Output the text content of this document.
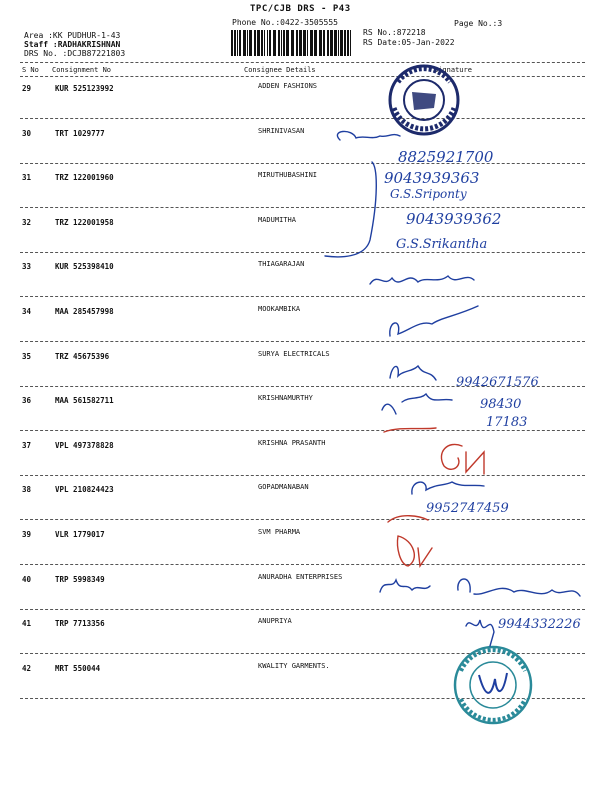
TPC/CJB DRS - P43
Phone No.:0422-3505555	Page No.:3
Area :KK PUDHUR-1-43
Staff :RADHAKRISHNAN
DRS No. :DCJB87221803
RS No.:872218
RS Date:05-Jan-2022
S No Consignment No	Consignee Details	Signature
29	KUR 525123992	ADDEN FASHIONS
30	TRT 1029777	SHRINIVASAN
31	TRZ 122001960	MIRUTHUBASHINI
32	TRZ 122001958	MADUMITHA
33	KUR 525398410	THIAGARAJAN
34	MAA 285457998	MOOKAMBIKA
35	TRZ 45675396	SURYA ELECTRICALS
36	MAA 561582711	KRISHNAMURTHY
37	VPL 497378828	KRISHNA PRASANTH
38	VPL 210824423	GOPADMANABAN
39	VLR 1779017	SVM PHARMA
40	TRP 5998349	ANURADHA ENTERPRISES
41	TRP 7713356	ANUPRIYA
42	MRT 550044	KWALITY GARMENTS.
8825921700
9043939363
G.S.Sriponty
9043939362
G.S.Srikantha
9942671576
98430
17183
9952747459
9944332226
